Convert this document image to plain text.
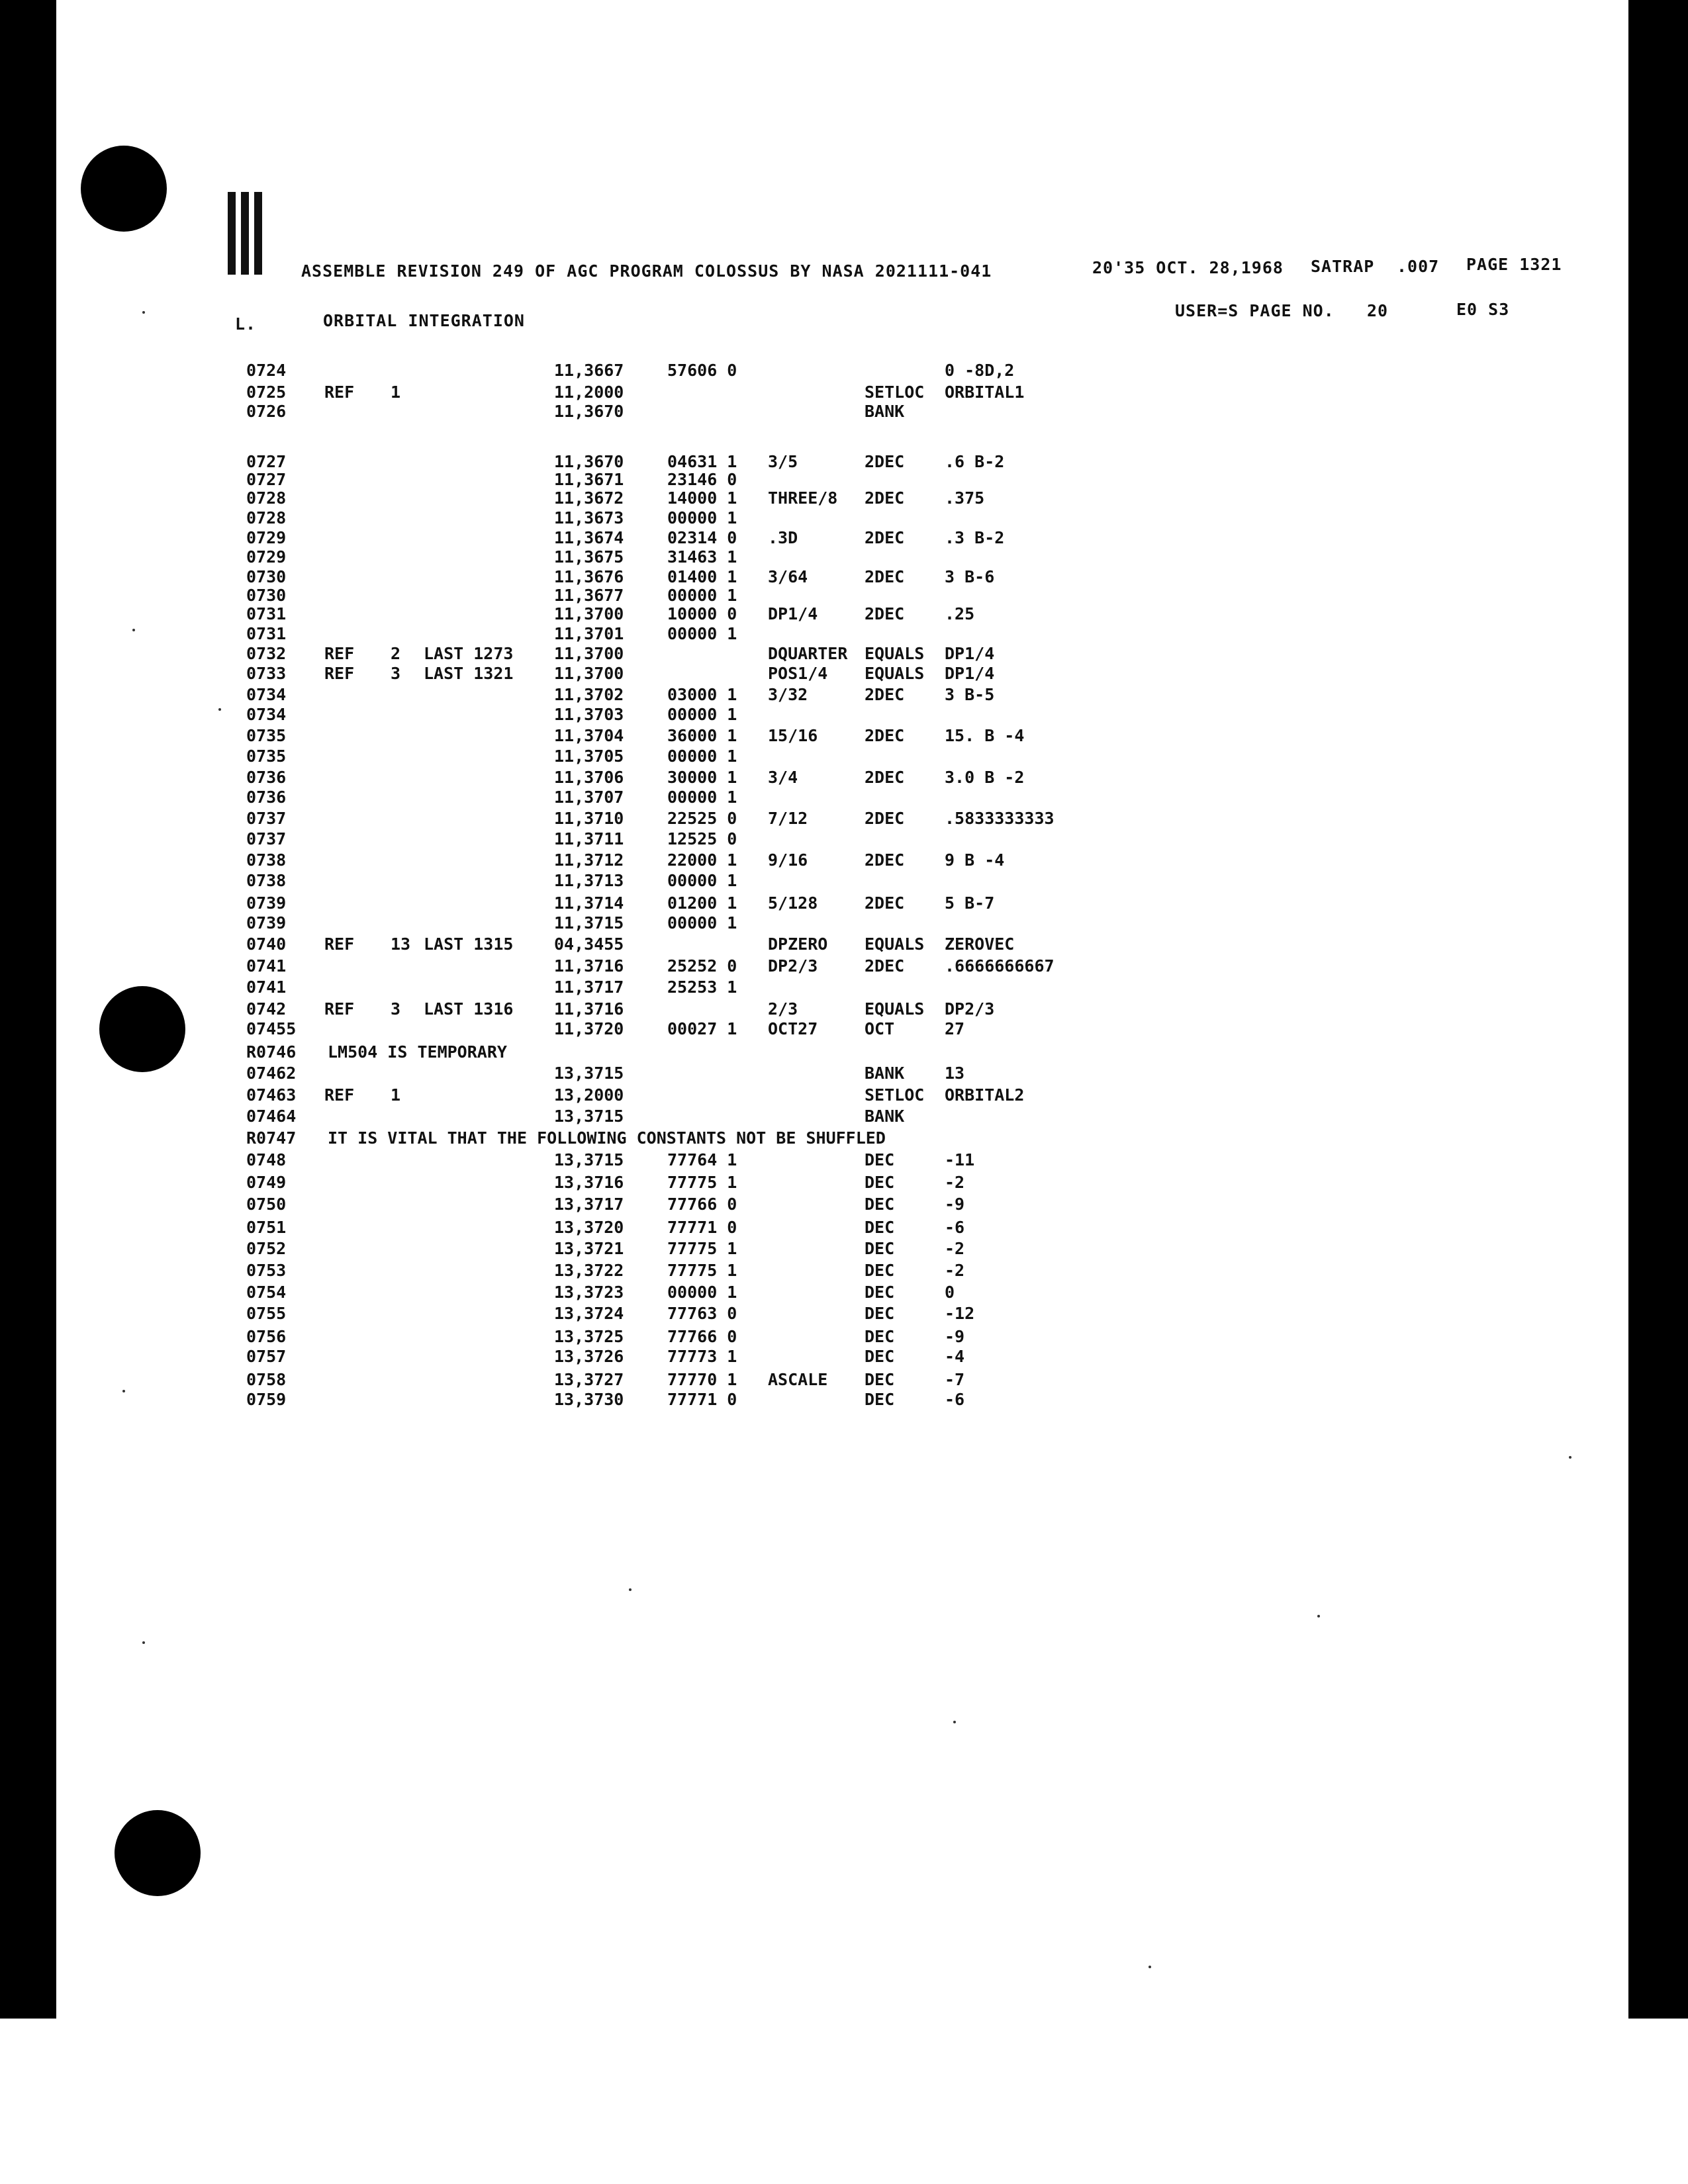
ASSEMBLE REVISION 249 OF AGC PROGRAM COLOSSUS BY NASA 2021111-041	20'35 OCT. 28,1968 SATRAP .007 PAGE 1321
USER=S PAGE NO. 20	E0 S3
L.	ORBITAL INTEGRATION
0724	11,3667	57606 0	0 -8D,2
0725 REF 1	11,2000	SETLOC ORBITAL1
0726	11,3670	BANK
0727	11,3670	04631 1 3/5	2DEC .6 B-2
0727	11,3671	23146 0
0728	11,3672	14000 1 THREE/8 2DEC .375
0728	11,3673	00000 1
0729	11,3674	02314 0 .3D	2DEC .3 B-2
0729	11,3675	31463 1
0730	11,3676	01400 1 3/64	2DEC 3 B-6
0730	11,3677	00000 1
0731	11,3700	10000 0 DP1/4	2DEC .25
0731	11,3701	00000 1
0732 REF 2 LAST 1273 11,3700	DQUARTER EQUALS DP1/4
0733 REF 3 LAST 1321 11,3700	POS1/4 EQUALS DP1/4
0734	11,3702	03000 1 3/32	2DEC 3 B-5
0734	11,3703	00000 1
0735	11,3704	36000 1 15/16	2DEC 15. B -4
0735	11,3705	00000 1
0736	11,3706	30000 1 3/4	2DEC 3.0 B -2
0736	11,3707	00000 1
0737	11,3710	22525 0 7/12	2DEC .5833333333
0737	11,3711	12525 0
0738	11,3712	22000 1 9/16	2DEC 9 B -4
0738	11,3713	00000 1
0739	11,3714	01200 1 5/128	2DEC 5 B-7
0739	11,3715	00000 1
0740 REF 13 LAST 1315 04,3455	DPZERO EQUALS ZEROVEC
0741	11,3716	25252 0 DP2/3	2DEC .6666666667
0741	11,3717	25253 1
0742 REF 3 LAST 1316 11,3716	2/3	EQUALS DP2/3
07455	11,3720	00027 1 OCT27	OCT	27
R0746 LM504 IS TEMPORARY
07462	13,3715	BANK 13
07463 REF 1	13,2000	SETLOC ORBITAL2
07464	13,3715	BANK
R0747 IT IS VITAL THAT THE FOLLOWING CONSTANTS NOT BE SHUFFLED
0748	13,3715	77764 1	DEC	-11
0749	13,3716	77775 1	DEC	-2
0750	13,3717	77766 0	DEC	-9
0751	13,3720	77771 0	DEC	-6
0752	13,3721	77775 1	DEC	-2
0753	13,3722	77775 1	DEC	-2
0754	13,3723	00000 1	DEC	0
0755	13,3724	77763 0	DEC	-12
0756	13,3725	77766 0	DEC	-9
0757	13,3726	77773 1	DEC	-4
0758	13,3727	77770 1 ASCALE DEC	-7
0759	13,3730	77771 0	DEC	-6
